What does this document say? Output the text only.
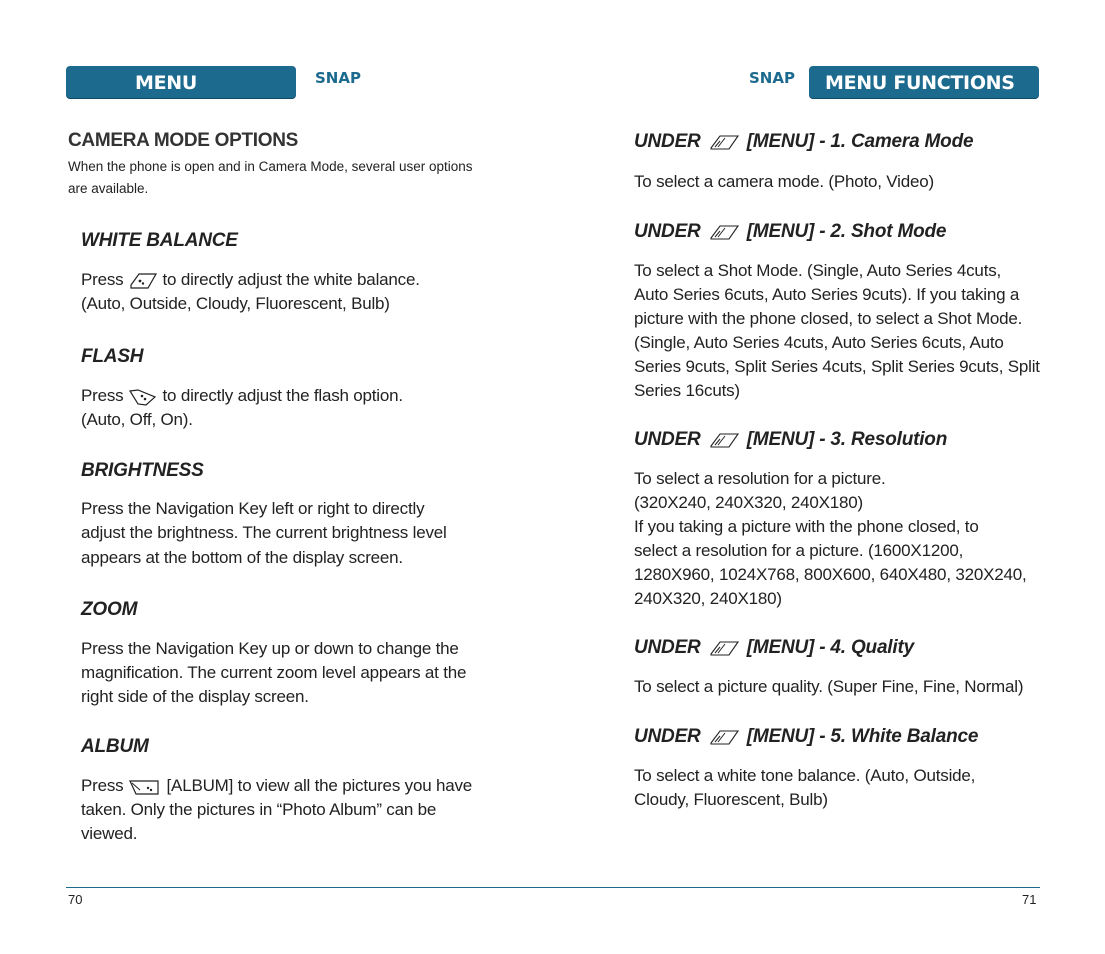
MENU FUNCTIONS
SNAP
CAMERA MODE OPTIONS
When the phone is open and in Camera Mode, several user options
are available.
WHITE BALANCE
Press to directly adjust the white balance.
(Auto, Outside, Cloudy, Fluorescent, Bulb)
FLASH
Press to directly adjust the flash option.
(Auto, Off, On).
BRIGHTNESS
Press the Navigation Key left or right to directly
adjust the brightness. The current brightness level
appears at the bottom of the display screen.
ZOOM
Press the Navigation Key up or down to change the
magnification. The current zoom level appears at the
right side of the display screen.
ALBUM
Press	[ALBUM] to view all the pictures you have
taken. Only the pictures in “Photo Album” can be
viewed.
SNAP MENU FUNCTIONS
UNDER [MENU] - 1. Camera Mode
To select a camera mode. (Photo, Video)
UNDER [MENU] - 2. Shot Mode
To select a Shot Mode. (Single, Auto Series 4cuts,
Auto Series 6cuts, Auto Series 9cuts). If you taking a
picture with the phone closed, to select a Shot Mode.
(Single, Auto Series 4cuts, Auto Series 6cuts, Auto
Series 9cuts, Split Series 4cuts, Split Series 9cuts, Split
Series 16cuts)
UNDER [MENU] - 3. Resolution
To select a resolution for a picture.
(320X240, 240X320, 240X180)
If you taking a picture with the phone closed, to
select a resolution for a picture. (1600X1200,
1280X960, 1024X768, 800X600, 640X480, 320X240,
240X320, 240X180)
UNDER [MENU] - 4. Quality
To select a picture quality. (Super Fine, Fine, Normal)
UNDER [MENU] - 5. White Balance
To select a white tone balance. (Auto, Outside,
Cloudy, Fluorescent, Bulb)
70	71
